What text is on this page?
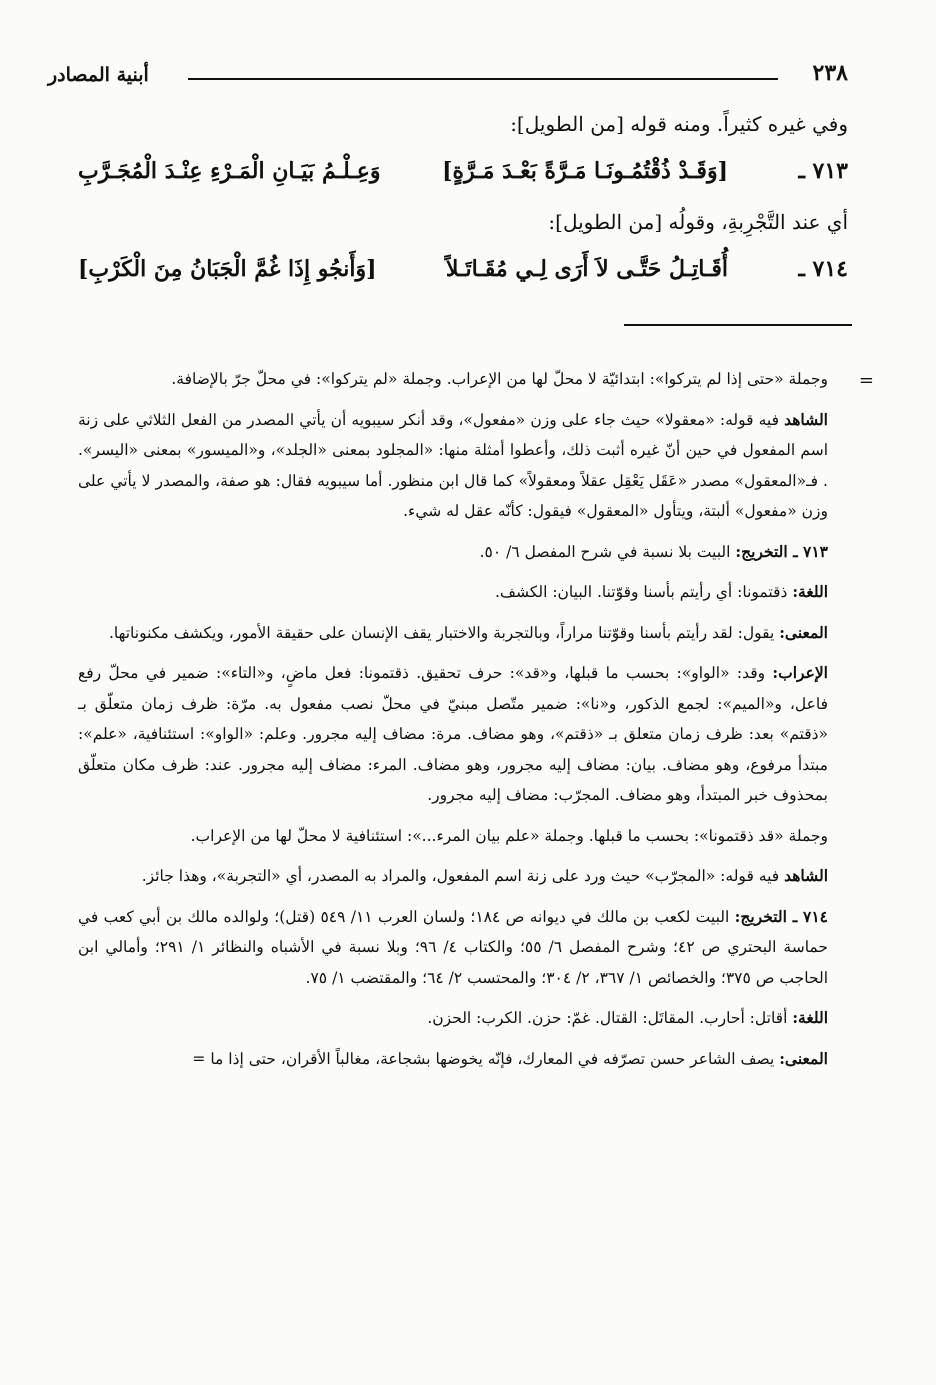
٢٣٨
أبنية المصادر
وفي غيره كثيراً. ومنه قوله [من الطويل]:
٧١٣ ـ
[وَقَـدْ ذُقْتُمُـونَـا مَـرَّةً بَعْـدَ مَـرَّةٍ]
وَعِـلْـمُ بَيَـانِ الْمَـرْءِ عِنْـدَ الْمُجَـرَّبِ
أي عند التَّجْرِبةِ، وقولُه [من الطويل]:
٧١٤ ـ
أُقَـاتِـلُ حَتَّـى لاَ أَرَى لِـي مُقَـاتَـلاً
[وَأَنجُو إِذَا غُمَّ الْجَبَانُ مِنَ الْكَرْبِ]
=

وجملة «حتى إذا لم يتركوا»: ابتدائيّة لا محلّ لها من الإعراب. وجملة «لم يتركوا»: في محلّ جرّ بالإضافة.

الشاهد فيه قوله: «معقولا» حيث جاء على وزن «مفعول»، وقد أنكر سيبويه أن يأتي المصدر من الفعل الثلاثي على زنة اسم المفعول في حين أنّ غيره أثبت ذلك، وأعطوا أمثلة منها: «المجلود بمعنى «الجلد»، و«الميسور» بمعنى «اليسر». . فـ«المعقول» مصدر «عَقَل يَعْقِل عقلاً ومعقولاً» كما قال ابن منظور. أما سيبويه فقال: هو صفة، والمصدر لا يأتي على وزن «مفعول» ألبتة، ويتأول «المعقول» فيقول: كأنّه عقل له شيء.

٧١٣ ـ التخريج: البيت بلا نسبة في شرح المفصل ٦/ ٥٠.

اللغة: ذقتمونا: أي رأيتم بأسنا وقوّتنا. البيان: الكشف.

المعنى: يقول: لقد رأيتم بأسنا وقوّتنا مراراً، وبالتجربة والاختبار يقف الإنسان على حقيقة الأمور، ويكشف مكنوناتها.

الإعراب: وقد: «الواو»: بحسب ما قبلها، و«قد»: حرف تحقيق. ذقتمونا: فعل ماضٍ، و«التاء»: ضمير في محلّ رفع فاعل، و«الميم»: لجمع الذكور، و«نا»: ضمير متّصل مبنيّ في محلّ نصب مفعول به. مرّة: ظرف زمان متعلّق بـ «ذقتم» بعد: ظرف زمان متعلق بـ «ذقتم»، وهو مضاف. مرة: مضاف إليه مجرور. وعلم: «الواو»: استئنافية، «علم»: مبتدأ مرفوع، وهو مضاف. بيان: مضاف إليه مجرور، وهو مضاف. المرء: مضاف إليه مجرور. عند: ظرف مكان متعلّق بمحذوف خبر المبتدأ، وهو مضاف. المجرّب: مضاف إليه مجرور.

وجملة «قد ذقتمونا»: بحسب ما قبلها. وجملة «علم بيان المرء...»: استئنافية لا محلّ لها من الإعراب.

الشاهد فيه قوله: «المجرّب» حيث ورد على زنة اسم المفعول، والمراد به المصدر، أي «التجربة»، وهذا جائز.

٧١٤ ـ التخريج: البيت لكعب بن مالك في ديوانه ص ١٨٤؛ ولسان العرب ١١/ ٥٤٩ (قتل)؛ ولوالده مالك بن أبي كعب في حماسة البحتري ص ٤٢؛ وشرح المفصل ٦/ ٥٥؛ والكتاب ٤/ ٩٦؛ وبلا نسبة في الأشباه والنظائر ١/ ٢٩١؛ وأمالي ابن الحاجب ص ٣٧٥؛ والخصائص ١/ ٣٦٧، ٢/ ٣٠٤؛ والمحتسب ٢/ ٦٤؛ والمقتضب ١/ ٧٥.

اللغة: أقاتل: أحارب. المقاتَل: القتال. غمّ: حزن. الكرب: الحزن.

المعنى: يصف الشاعر حسن تصرّفه في المعارك، فإنّه يخوضها بشجاعة، مغالباً الأقران، حتى إذا ما =
